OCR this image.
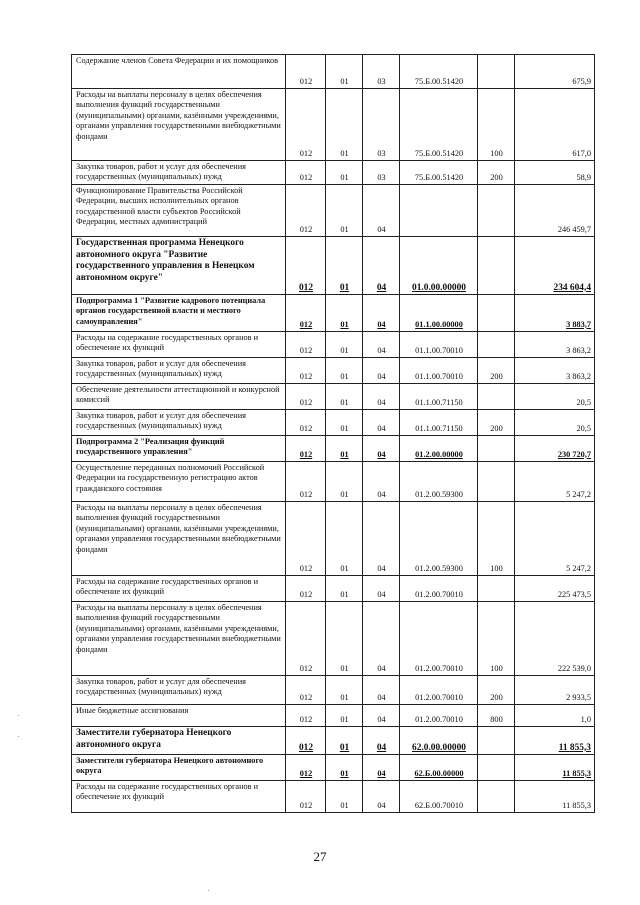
Содержание членов Совета Федерации и их помощников	012	01	03	75.Б.00.51420		675,9
Расходы на выплаты персоналу в целях обеспечения выполнения функций государственными (муниципальными) органами, казёнными учреждениями, органами управления государственными внебюджетными фондами	012	01	03	75.Б.00.51420	100	617,0
Закупка товаров, работ и услуг для обеспечения государственных (муниципальных) нужд	012	01	03	75.Б.00.51420	200	58,9
Функционирование Правительства Российской Федерации, высших исполнительных органов государственной власти субъектов Российской Федерации, местных администраций	012	01	04			246 459,7
Государственная программа Ненецкого автономного округа "Развитие государственного управления в Ненецком автономном округе"	012	01	04	01.0.00.00000		234 604,4
Подпрограмма 1 "Развитие кадрового потенциала органов государственной власти и местного самоуправления"	012	01	04	01.1.00.00000		3 883,7
Расходы на содержание государственных органов и обеспечение их функций	012	01	04	01.1.00.70010		3 863,2
Закупка товаров, работ и услуг для обеспечения государственных (муниципальных) нужд	012	01	04	01.1.00.70010	200	3 863,2
Обеспечение деятельности аттестационной и конкурсной комиссий	012	01	04	01.1.00.71150		20,5
Закупка товаров, работ и услуг для обеспечения государственных (муниципальных) нужд	012	01	04	01.1.00.71150	200	20,5
Подпрограмма 2 "Реализация функций государственного управления"	012	01	04	01.2.00.00000		230 720,7
Осуществление переданных полномочий Российской Федерации на государственную регистрацию актов гражданского состояния	012	01	04	01.2.00.59300		5 247,2
Расходы на выплаты персоналу в целях обеспечения выполнения функций государственными (муниципальными) органами, казёнными учреждениями, органами управления государственными внебюджетными фондами	012	01	04	01.2.00.59300	100	5 247,2
Расходы на содержание государственных органов и обеспечение их функций	012	01	04	01.2.00.70010		225 473,5
Расходы на выплаты персоналу в целях обеспечения выполнения функций государственными (муниципальными) органами, казёнными учреждениями, органами управления государственными внебюджетными фондами	012	01	04	01.2.00.70010	100	222 539,0
Закупка товаров, работ и услуг для обеспечения государственных (муниципальных) нужд	012	01	04	01.2.00.70010	200	2 933,5
Иные бюджетные ассигнования	012	01	04	01.2.00.70010	800	1,0
Заместители губернатора Ненецкого автономного округа	012	01	04	62.0.00.00000		11 855,3
Заместители губернатора Ненецкого автономного округа	012	01	04	62.Б.00.00000		11 855,3
Расходы на содержание государственных органов и обеспечение их функций	012	01	04	62.Б.00.70010		11 855,3
27
